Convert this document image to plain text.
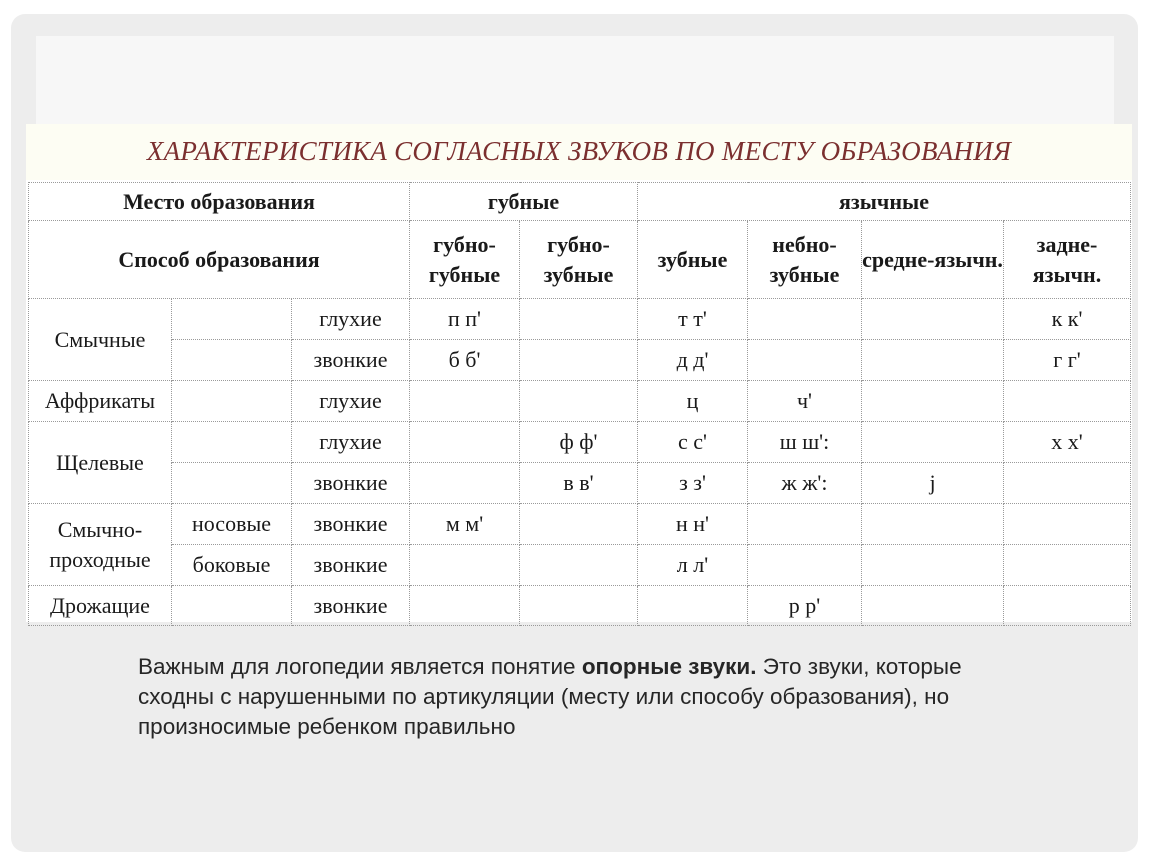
ХАРАКТЕРИСТИКА СОГЛАСНЫХ ЗВУКОВ ПО МЕСТУ ОБРАЗОВАНИЯ
Место образования			губные		язычные			
Способ образования			губно-губные	губно-зубные	зубные	небно-зубные	средне-язычн.	задне-язычн.
Смычные		глухие	п п'		т т'			к к'
		звонкие	б б'		д д'			г г'
Аффрикаты		глухие			ц	ч'		
Щелевые		глухие		ф ф'	с с'	ш ш':		х х'
		звонкие		в в'	з з'	ж ж':	j	
Смычно-проходные	носовые	звонкие	м м'		н н'			
	боковые	звонкие			л л'			
Дрожащие		звонкие				р р'		
Важным для логопедии является понятие опорные звуки. Это звуки, которые сходны с нарушенными по артикуляции (месту или способу образования), но произносимые ребенком правильно
